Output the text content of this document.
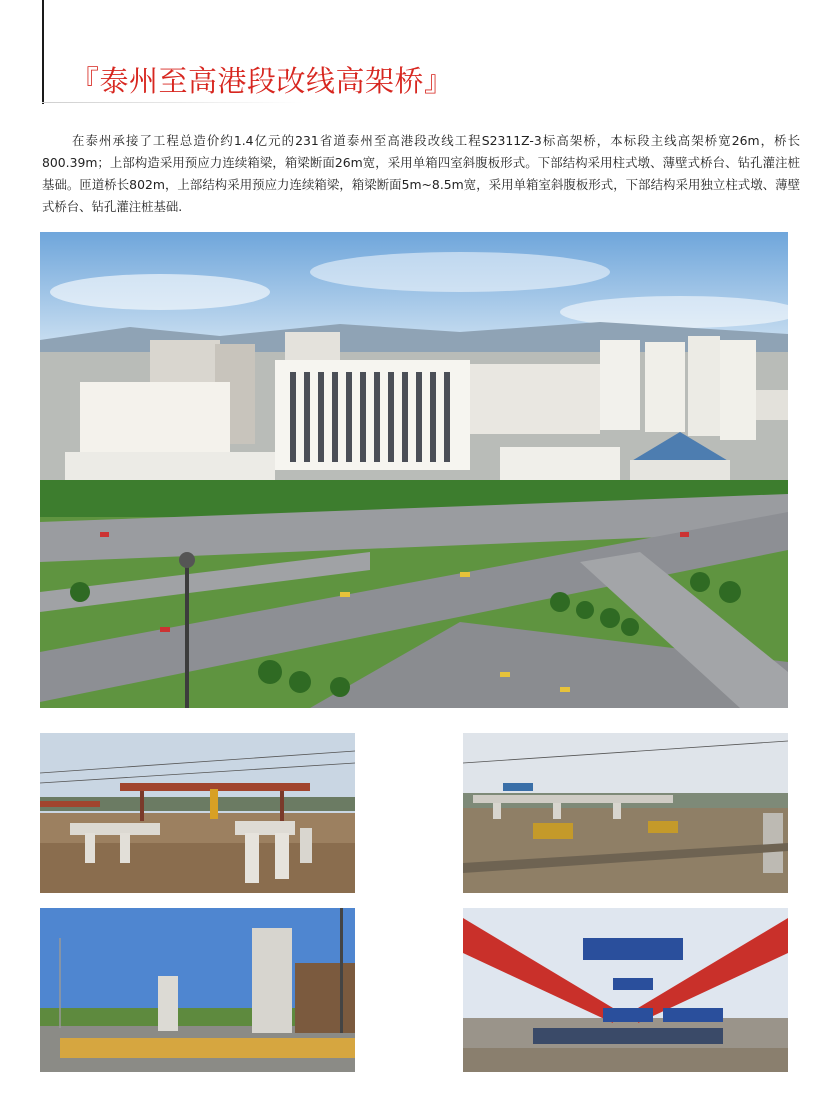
『泰州至高港段改线高架桥』

在泰州承接了工程总造价约1.4亿元的231省道泰州至高港段改线工程S2311Z-3标高架桥，本标段主线高架桥宽26m，桥长800.39m；上部构造采用预应力连续箱梁，箱梁断面26m宽，采用单箱四室斜腹板形式。下部结构采用柱式墩、薄壁式桥台、钻孔灌注桩基础。匝道桥长802m，上部结构采用预应力连续箱梁，箱梁断面5m~8.5m宽，采用单箱室斜腹板形式，下部结构采用独立柱式墩、薄壁式桥台、钻孔灌注桩基础.
